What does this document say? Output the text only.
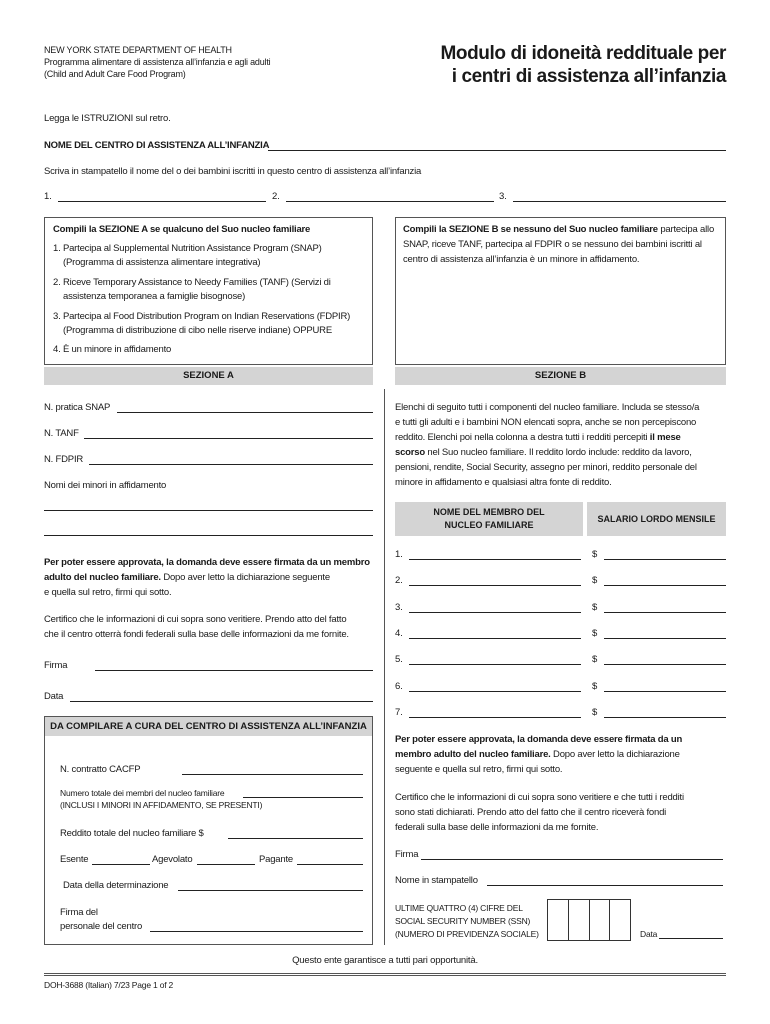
NEW YORK STATE DEPARTMENT OF HEALTH
Programma alimentare di assistenza all’infanzia e agli adulti
(Child and Adult Care Food Program)
Modulo di idoneità reddituale per
i centri di assistenza all’infanzia
Legga le ISTRUZIONI sul retro.
NOME DEL CENTRO DI ASSISTENZA ALL’INFANZIA
Scriva in stampatello il nome del o dei bambini iscritti in questo centro di assistenza all’infanzia
1.	2.	3.
Compili la SEZIONE A se qualcuno del Suo nucleo familiare
1. Partecipa al Supplemental Nutrition Assistance Program (SNAP)
(Programma di assistenza alimentare integrativa)
2. Riceve Temporary Assistance to Needy Families (TANF) (Servizi di
assistenza temporanea a famiglie bisognose)
3. Partecipa al Food Distribution Program on Indian Reservations (FDPIR)
(Programma di distribuzione di cibo nelle riserve indiane) OPPURE
4. È un minore in affidamento
Compili la SEZIONE B se nessuno del Suo nucleo familiare partecipa allo
SNAP, riceve TANF, partecipa al FDPIR o se nessuno dei bambini iscritti al
centro di assistenza all’infanzia è un minore in affidamento.
SEZIONE A	SEZIONE B
N. pratica SNAP
N. TANF
N. FDPIR
Nomi dei minori in affidamento
Per poter essere approvata, la domanda deve essere firmata da un membro
adulto del nucleo familiare. Dopo aver letto la dichiarazione seguente
e quella sul retro, firmi qui sotto.
Certifico che le informazioni di cui sopra sono veritiere. Prendo atto del fatto
che il centro otterrà fondi federali sulla base delle informazioni da me fornite.
Firma
Data
DA COMPILARE A CURA DEL CENTRO DI ASSISTENZA ALL’INFANZIA
N. contratto CACFP
Numero totale dei membri del nucleo familiare
(INCLUSI I MINORI IN AFFIDAMENTO, SE PRESENTI)
Reddito totale del nucleo familiare $
Esente	Agevolato	Pagante
Data della determinazione
Firma del
personale del centro
Elenchi di seguito tutti i componenti del nucleo familiare. Includa se stesso/a
e tutti gli adulti e i bambini NON elencati sopra, anche se non percepiscono
reddito. Elenchi poi nella colonna a destra tutti i redditi percepiti il mese
scorso nel Suo nucleo familiare. Il reddito lordo include: reddito da lavoro,
pensioni, rendite, Social Security, assegno per minori, reddito personale del
minore in affidamento e qualsiasi altra fonte di reddito.
NOME DEL MEMBRO DEL
NUCLEO FAMILIARE
SALARIO LORDO MENSILE
1.	$
2.	$
3.	$
4.	$
5.	$
6.	$
7.	$
Per poter essere approvata, la domanda deve essere firmata da un
membro adulto del nucleo familiare. Dopo aver letto la dichiarazione
seguente e quella sul retro, firmi qui sotto.
Certifico che le informazioni di cui sopra sono veritiere e che tutti i redditi
sono stati dichiarati. Prendo atto del fatto che il centro riceverà fondi
federali sulla base delle informazioni da me fornite.
Firma
Nome in stampatello
ULTIME QUATTRO (4) CIFRE DEL
SOCIAL SECURITY NUMBER (SSN)
(NUMERO DI PREVIDENZA SOCIALE)	Data
Questo ente garantisce a tutti pari opportunità.
DOH-3688 (Italian) 7/23 Page 1 of 2
